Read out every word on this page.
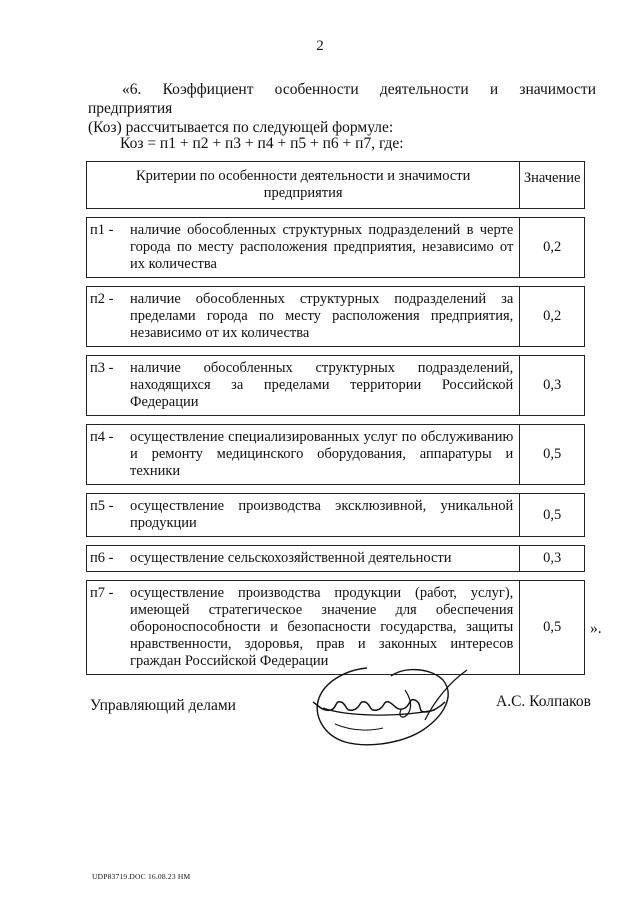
2
«6. Коэффициент особенности деятельности и значимости предприятия
(Коз) рассчитывается по следующей формуле:
Коз = п1 + п2 + п3 + п4 + п5 + п6 + п7, где:
Критерии по особенности деятельности и значимости предприятия	Значение

п1 - наличие обособленных структурных подразделений в черте города по месту расположения предприятия, независимо от их количества	0,2

п2 - наличие обособленных структурных подразделений за пределами города по месту расположения предприятия, независимо от их количества	0,2

п3 - наличие обособленных структурных подразделений, находящихся за пределами территории Российской Федерации	0,3

п4 - осуществление специализированных услуг по обслуживанию и ремонту медицинского оборудования, аппаратуры и техники	0,5

п5 - осуществление производства эксклюзивной, уникальной продукции	0,5

п6 - осуществление сельскохозяйственной деятельности	0,3

п7 - осуществление производства продукции (работ, услуг), имеющей стратегическое значение для обеспечения обороноспособности и безопасности государства, защиты нравственности, здоровья, прав и законных интересов граждан Российской Федерации	0,5 ».
Управляющий делами	А.С. Колпаков
UDP83719.DOC 16.08.23 HM
